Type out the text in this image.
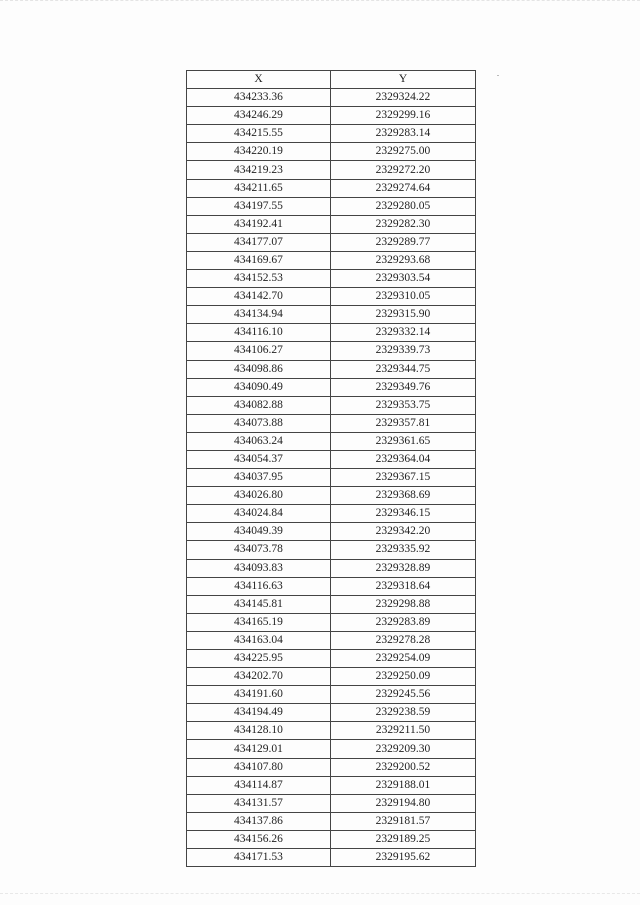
X	Y
434233.36	2329324.22
434246.29	2329299.16
434215.55	2329283.14
434220.19	2329275.00
434219.23	2329272.20
434211.65	2329274.64
434197.55	2329280.05
434192.41	2329282.30
434177.07	2329289.77
434169.67	2329293.68
434152.53	2329303.54
434142.70	2329310.05
434134.94	2329315.90
434116.10	2329332.14
434106.27	2329339.73
434098.86	2329344.75
434090.49	2329349.76
434082.88	2329353.75
434073.88	2329357.81
434063.24	2329361.65
434054.37	2329364.04
434037.95	2329367.15
434026.80	2329368.69
434024.84	2329346.15
434049.39	2329342.20
434073.78	2329335.92
434093.83	2329328.89
434116.63	2329318.64
434145.81	2329298.88
434165.19	2329283.89
434163.04	2329278.28
434225.95	2329254.09
434202.70	2329250.09
434191.60	2329245.56
434194.49	2329238.59
434128.10	2329211.50
434129.01	2329209.30
434107.80	2329200.52
434114.87	2329188.01
434131.57	2329194.80
434137.86	2329181.57
434156.26	2329189.25
434171.53	2329195.62
